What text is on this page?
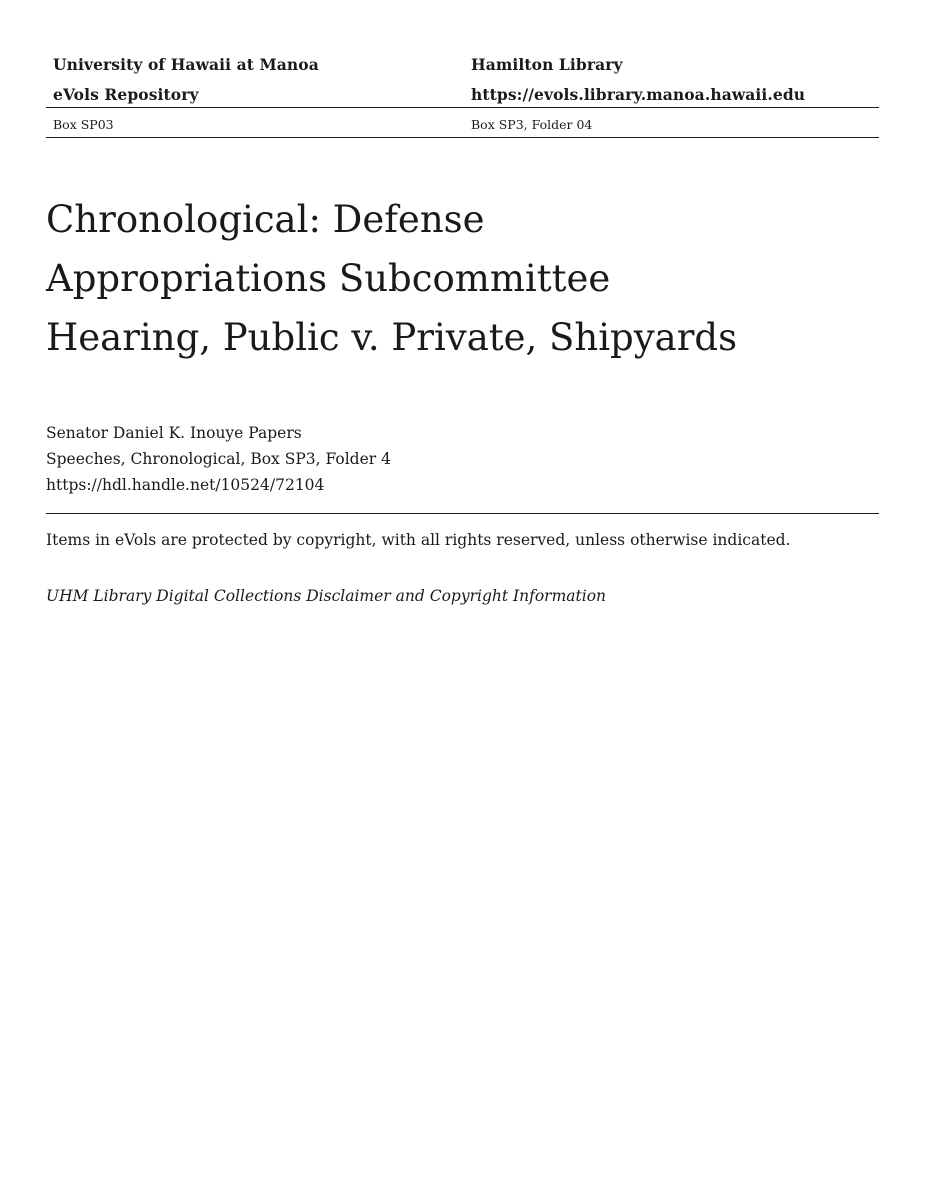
University of Hawaii at Manoa	Hamilton Library
eVols Repository	https://evols.library.manoa.hawaii.edu
Box SP03	Box SP3, Folder 04
Chronological: Defense
Appropriations Subcommittee
Hearing, Public v. Private, Shipyards
Senator Daniel K. Inouye Papers
Speeches, Chronological, Box SP3, Folder 4
https://hdl.handle.net/10524/72104
Items in eVols are protected by copyright, with all rights reserved, unless otherwise indicated.
UHM Library Digital Collections Disclaimer and Copyright Information
